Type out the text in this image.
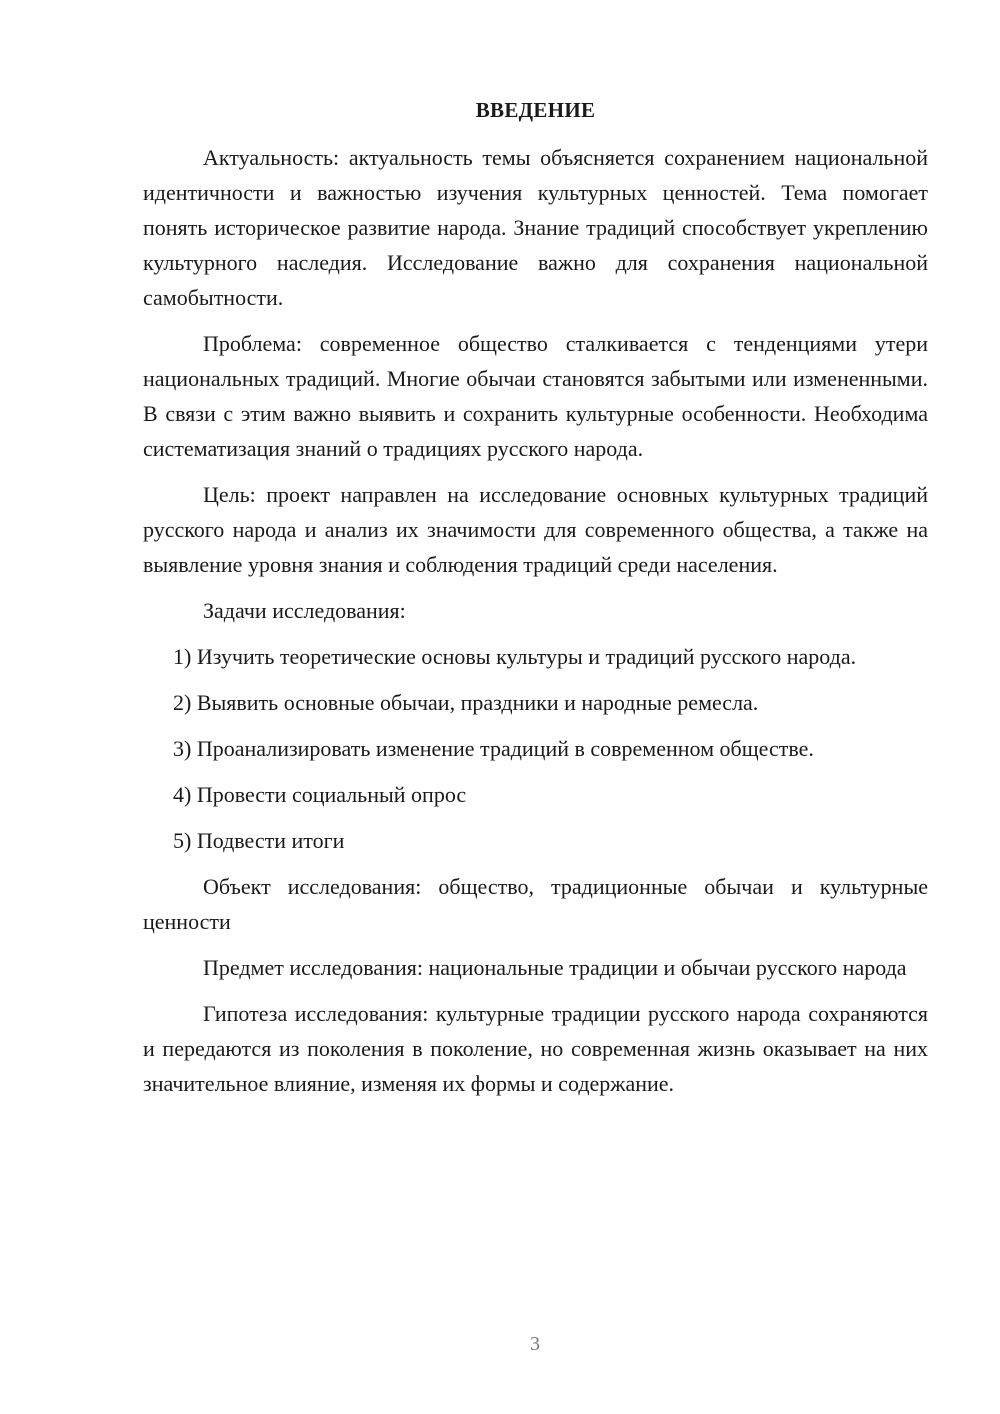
ВВЕДЕНИЕ

Актуальность: актуальность темы объясняется сохранением национальной идентичности и важностью изучения культурных ценностей. Тема помогает понять историческое развитие народа. Знание традиций способствует укреплению культурного наследия. Исследование важно для сохранения национальной самобытности.

Проблема: современное общество сталкивается с тенденциями утери национальных традиций. Многие обычаи становятся забытыми или измененными. В связи с этим важно выявить и сохранить культурные особенности. Необходима систематизация знаний о традициях русского народа.

Цель: проект направлен на исследование основных культурных традиций русского народа и анализ их значимости для современного общества, а также на выявление уровня знания и соблюдения традиций среди населения.

Задачи исследования:

1) Изучить теоретические основы культуры и традиций русского народа.

2) Выявить основные обычаи, праздники и народные ремесла.

3) Проанализировать изменение традиций в современном обществе.

4) Провести социальный опрос

5) Подвести итоги

Объект исследования: общество, традиционные обычаи и культурные ценности

Предмет исследования: национальные традиции и обычаи русского народа

Гипотеза исследования: культурные традиции русского народа сохраняются и передаются из поколения в поколение, но современная жизнь оказывает на них значительное влияние, изменяя их формы и содержание.

3
